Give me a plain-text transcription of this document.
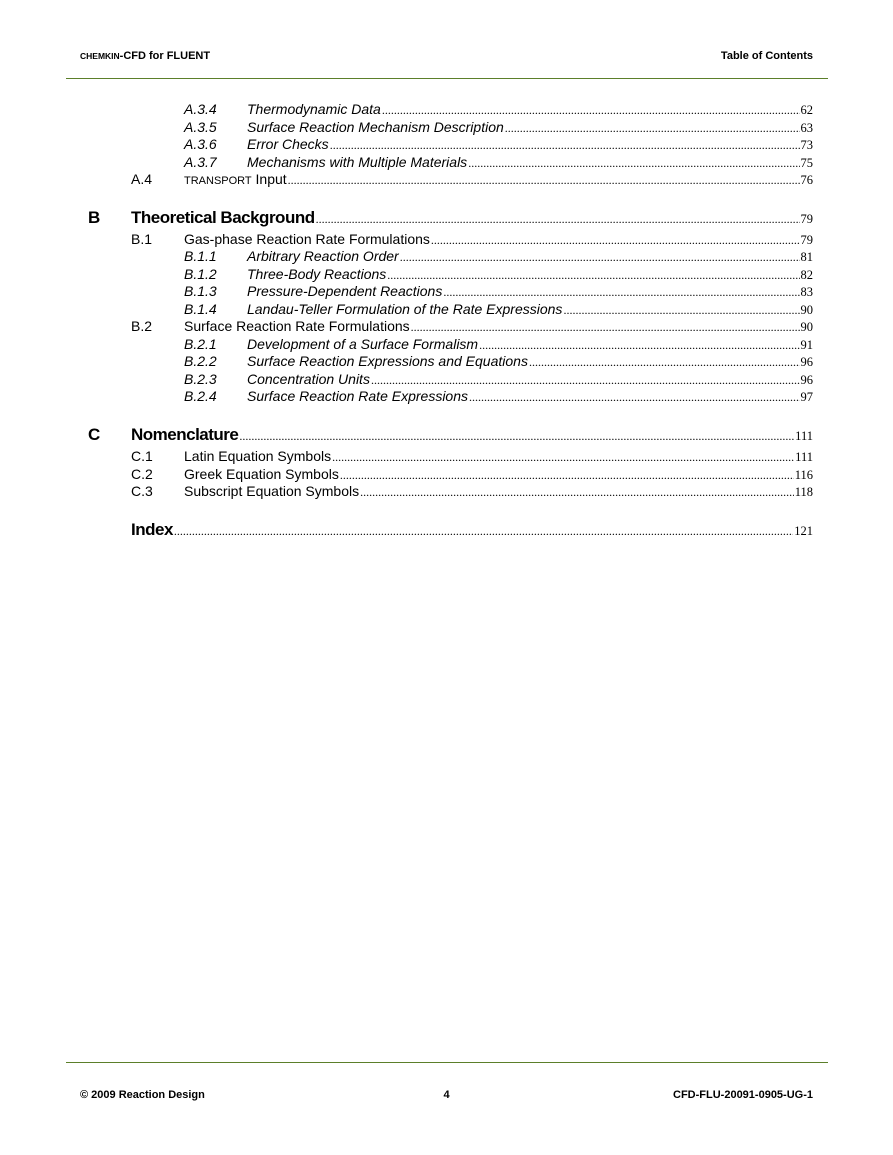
CHEMKIN-CFD for FLUENT	Table of Contents
A.3.4 Thermodynamic Data .....	62
A.3.5 Surface Reaction Mechanism Description .....	63
A.3.6 Error Checks .....	73
A.3.7 Mechanisms with Multiple Materials .....	75
A.4	TRANSPORT Input .....	76
B Theoretical Background .....	79
B.1 Gas-phase Reaction Rate Formulations .....	79
B.1.1 Arbitrary Reaction Order .....	81
B.1.2 Three-Body Reactions .....	82
B.1.3 Pressure-Dependent Reactions .....	83
B.1.4 Landau-Teller Formulation of the Rate Expressions .....	90
B.2 Surface Reaction Rate Formulations .....	90
B.2.1 Development of a Surface Formalism .....	91
B.2.2 Surface Reaction Expressions and Equations .....	96
B.2.3 Concentration Units .....	96
B.2.4 Surface Reaction Rate Expressions .....	97
C Nomenclature .....	111
C.1 Latin Equation Symbols .....	111
C.2 Greek Equation Symbols .....	116
C.3 Subscript Equation Symbols .....	118
Index .....	121
© 2009 Reaction Design	4	CFD-FLU-20091-0905-UG-1
